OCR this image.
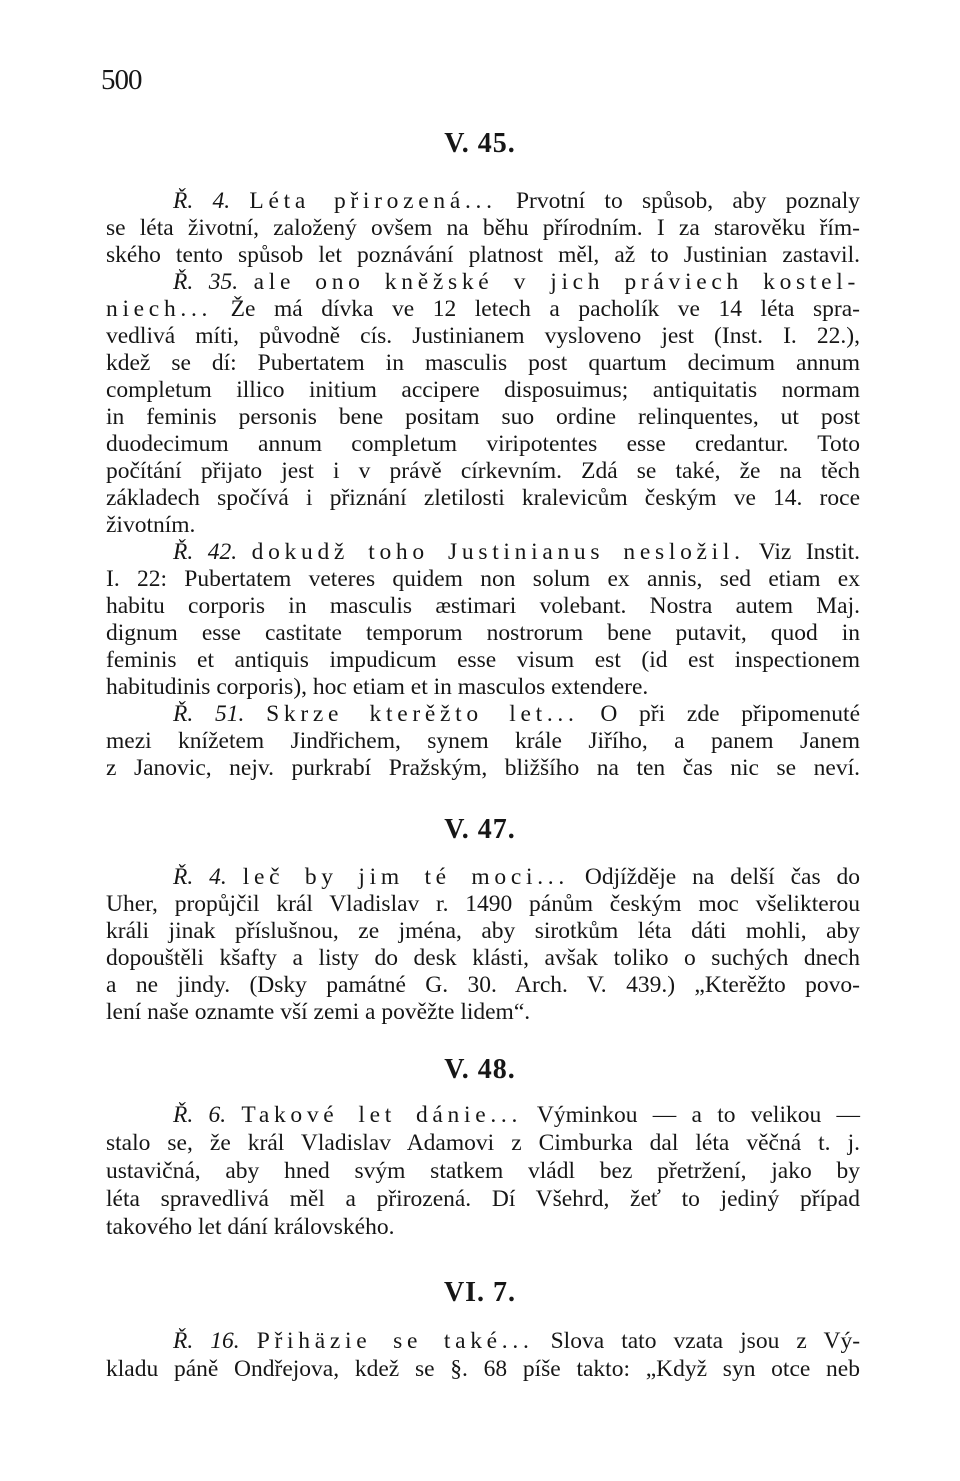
500
V. 45.
Ř. 4. Léta přirozená... Prvotní to spůsob, aby poznaly
se léta životní, založený ovšem na běhu přírodním. I za starověku řím-
ského tento spůsob let poznávání platnost měl, až to Justinian zastavil.
Ř. 35. ale ono kněžské v jich práviech kostel-
niech... Že má dívka ve 12 letech a pacholík ve 14 léta spra-
vedlivá míti, původně cís. Justinianem vysloveno jest (Inst. I. 22.),
kdež se dí: Pubertatem in masculis post quartum decimum annum
completum illico initium accipere disposuimus; antiquitatis normam
in feminis personis bene positam suo ordine relinquentes, ut post
duodecimum annum completum viripotentes esse credantur. Toto
počítání přijato jest i v právě církevním. Zdá se také, že na těch
základech spočívá i přiznání zletilosti kralevicům českým ve 14. roce
životním.
Ř. 42. dokudž toho Justinianus nesložil. Viz Instit.
I. 22: Pubertatem veteres quidem non solum ex annis, sed etiam ex
habitu corporis in masculis æstimari volebant. Nostra autem Maj.
dignum esse castitate temporum nostrorum bene putavit, quod in
feminis et antiquis impudicum esse visum est (id est inspectionem
habitudinis corporis), hoc etiam et in masculos extendere.
Ř. 51. Skrze kterěžto let... O při zde připomenuté
mezi knížetem Jindřichem, synem krále Jiřího, a panem Janem
z Janovic, nejv. purkrabí Pražským, bližšího na ten čas nic se neví.
V. 47.
Ř. 4. leč by jim té moci... Odjížděje na delší čas do
Uher, propůjčil král Vladislav r. 1490 pánům českým moc všelikterou
králi jinak příslušnou, ze jména, aby sirotkům léta dáti mohli, aby
dopouštěli kšafty a listy do desk klásti, avšak toliko o suchých dnech
a ne jindy. (Dsky památné G. 30. Arch. V. 439.) „Kterěžto povo-
lení naše oznamte vší zemi a pověžte lidem“.
V. 48.
Ř. 6. Takové let dánie... Výminkou — a to velikou —
stalo se, že král Vladislav Adamovi z Cimburka dal léta věčná t. j.
ustavičná, aby hned svým statkem vládl bez přetržení, jako by
léta spravedlivá měl a přirozená. Dí Všehrd, žeť to jediný případ
takového let dání královského.
VI. 7.
Ř. 16. Přihäzie se také... Slova tato vzata jsou z Vý-
kladu páně Ondřejova, kdež se §. 68 píše takto: „Když syn otce neb
